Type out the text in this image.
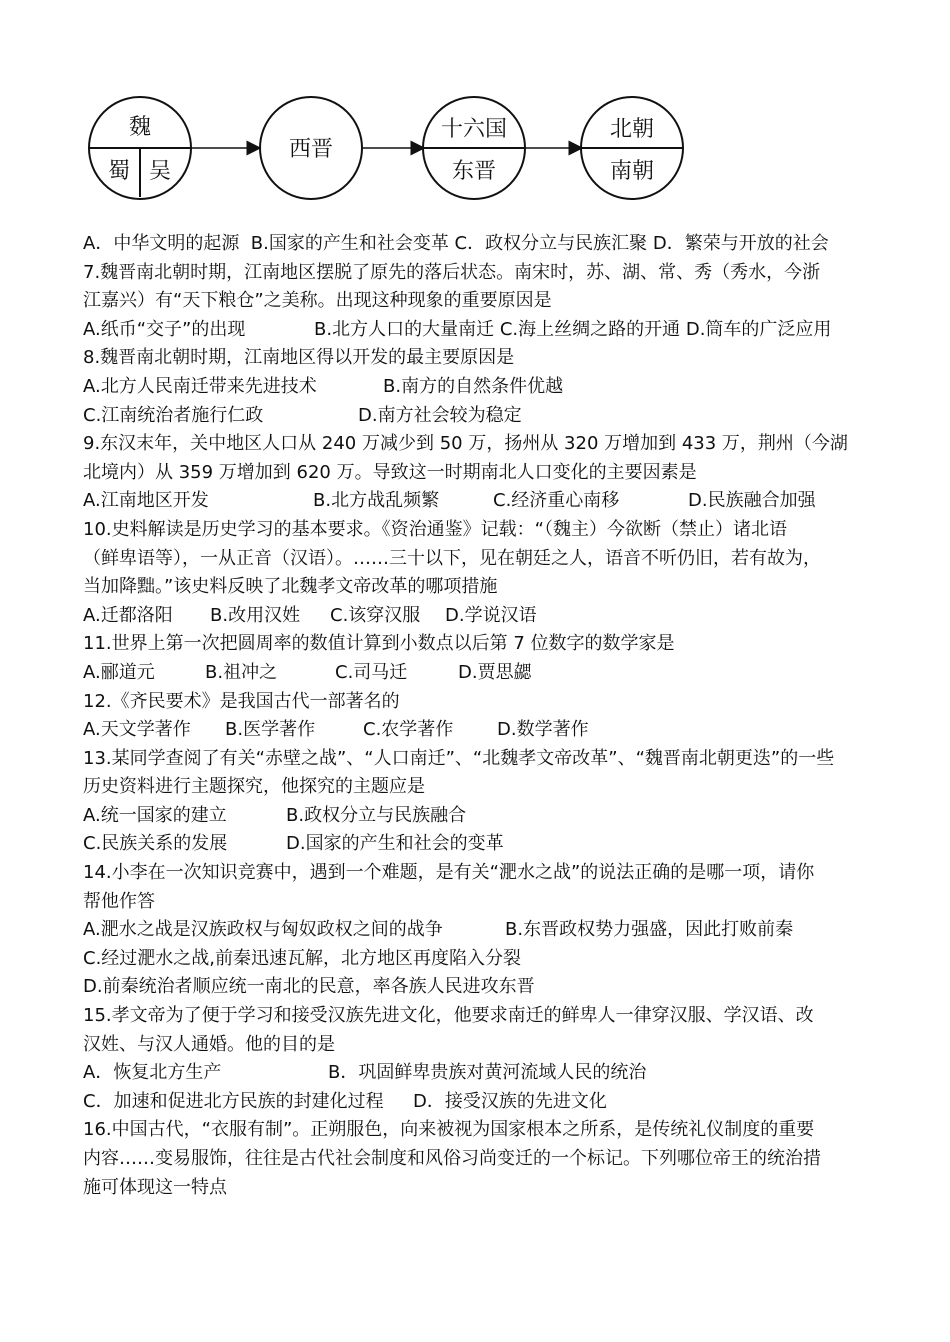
魏
蜀 吴
西晋
十六国
东晋
北朝
南朝
A．中华文明的起源  B.国家的产生和社会变革 C．政权分立与民族汇聚 D．繁荣与开放的社会
7.魏晋南北朝时期，江南地区摆脱了原先的落后状态。南宋时，苏、湖、常、秀（秀水，今浙
江嘉兴）有“天下粮仓”之美称。出现这种现象的重要原因是
A.纸币“交子”的出现            B.北方人口的大量南迁 C.海上丝绸之路的开通 D.筒车的广泛应用
8.魏晋南北朝时期，江南地区得以开发的最主要原因是
A.北方人民南迁带来先进技术	B.南方的自然条件优越
C.江南统治者施行仁政	D.南方社会较为稳定
9.东汉末年，关中地区人口从 240 万减少到 50 万，扬州从 320 万增加到 433 万，荆州（今湖
北境内）从 359 万增加到 620 万。导致这一时期南北人口变化的主要因素是
A.江南地区开发	B.北方战乱频繁	C.经济重心南移	D.民族融合加强
10.史料解读是历史学习的基本要求。《资治通鉴》记载：“（魏主）今欲断（禁止）诸北语
（鲜卑语等），一从正音（汉语）。……三十以下，见在朝廷之人，语音不听仍旧，若有故为，
当加降黜。”该史料反映了北魏孝文帝改革的哪项措施
A.迁都洛阳 B.改用汉姓 C.该穿汉服 D.学说汉语
11.世界上第一次把圆周率的数值计算到小数点以后第 7 位数字的数学家是
A.郦道元	B.祖冲之	C.司马迁	D.贾思勰
12.《齐民要术》是我国古代一部著名的
A.天文学著作 B.医学著作	C.农学著作 D.数学著作
13.某同学查阅了有关“赤壁之战”、“人口南迁”、“北魏孝文帝改革”、“魏晋南北朝更迭”的一些
历史资料进行主题探究，他探究的主题应是
A.统一国家的建立	B.政权分立与民族融合
C.民族关系的发展	D.国家的产生和社会的变革
14.小李在一次知识竞赛中，遇到一个难题，是有关“淝水之战”的说法正确的是哪一项，请你
帮他作答
A.淝水之战是汉族政权与匈奴政权之间的战争	B.东晋政权势力强盛，因此打败前秦
C.经过淝水之战,前秦迅速瓦解，北方地区再度陷入分裂
D.前秦统治者顺应统一南北的民意，率各族人民进攻东晋
15.孝文帝为了便于学习和接受汉族先进文化，他要求南迁的鲜卑人一律穿汉服、学汉语、改
汉姓、与汉人通婚。他的目的是
A．恢复北方生产	B．巩固鲜卑贵族对黄河流域人民的统治
C．加速和促进北方民族的封建化过程 D．接受汉族的先进文化
16.中国古代，“衣服有制”。正朔服色，向来被视为国家根本之所系，是传统礼仪制度的重要
内容……变易服饰，往往是古代社会制度和风俗习尚变迁的一个标记。下列哪位帝王的统治措
施可体现这一特点
